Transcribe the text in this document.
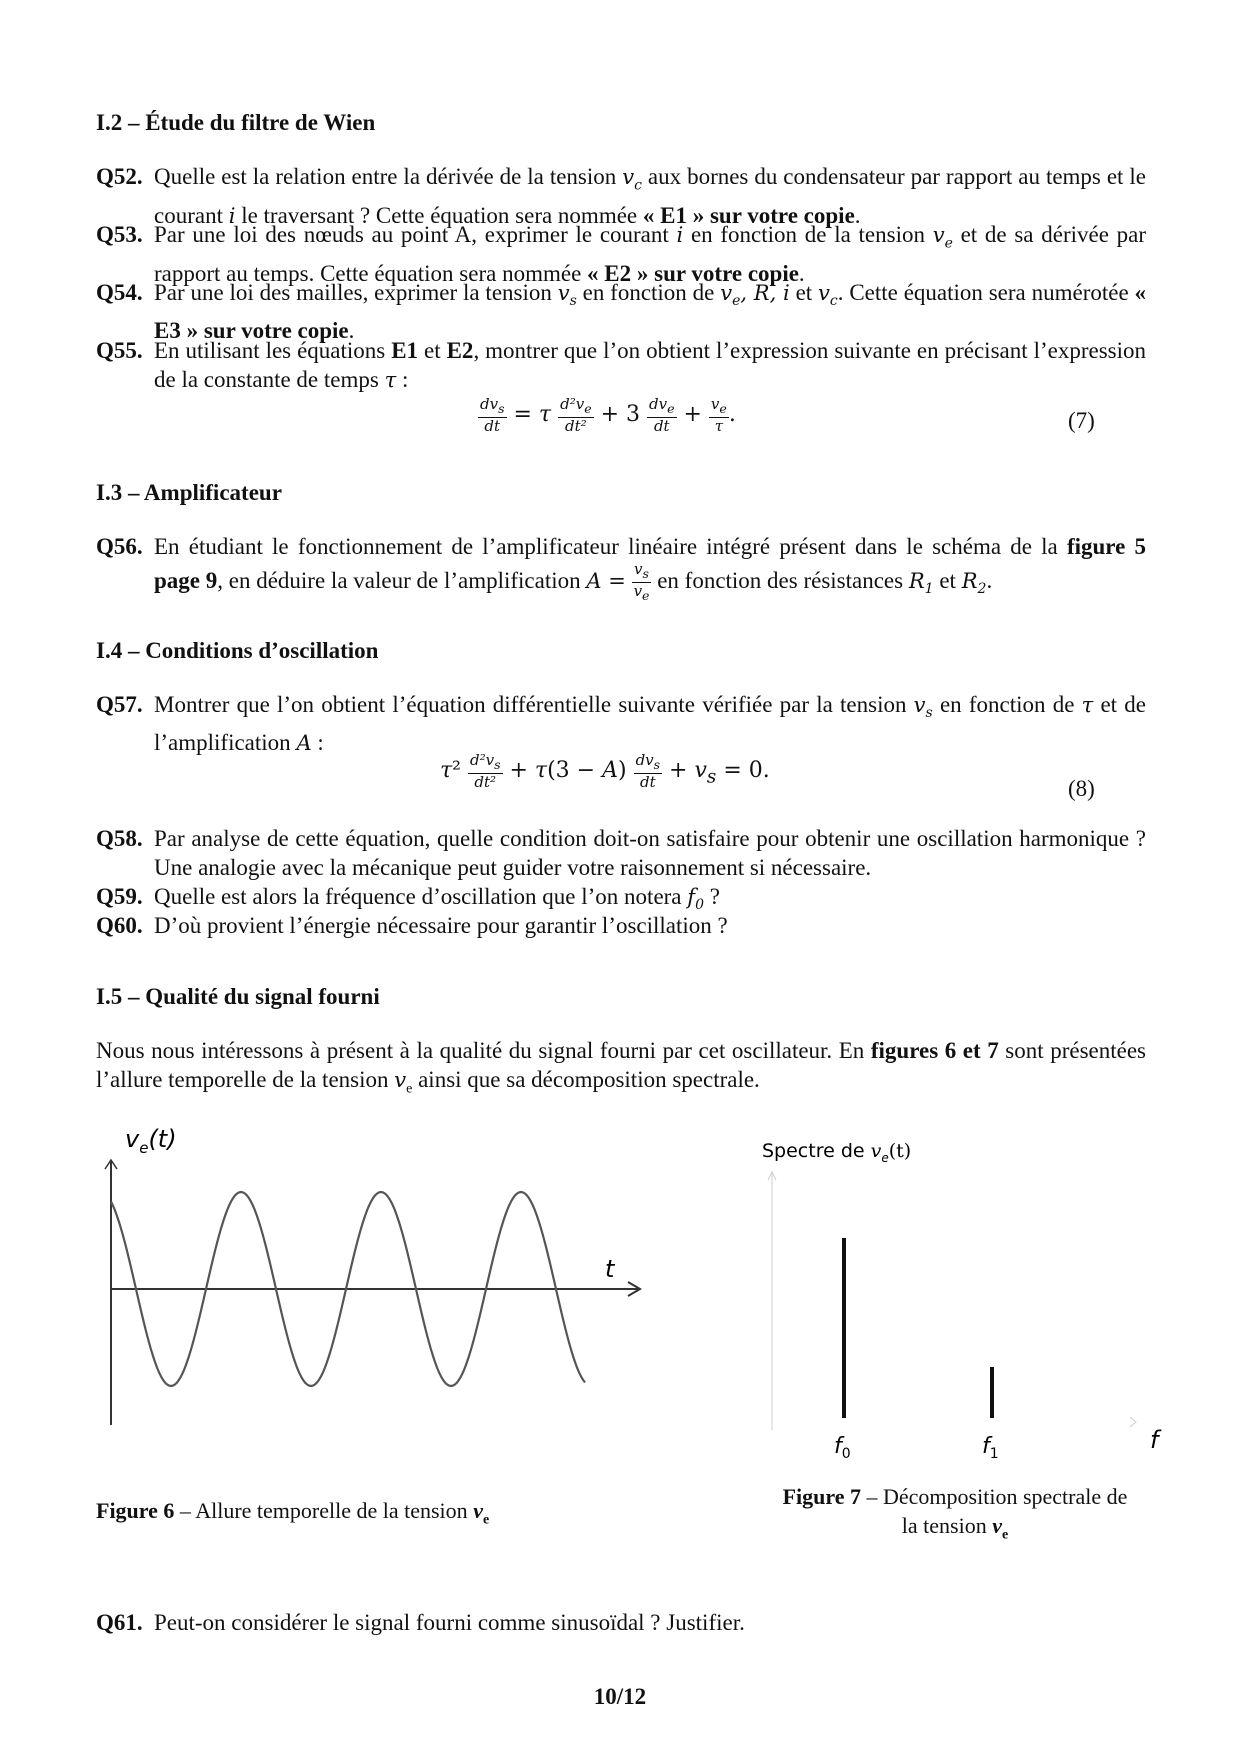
I.2 – Étude du filtre de Wien
Q52. Quelle est la relation entre la dérivée de la tension $v_c$ aux bornes du condensateur par rapport au temps et le courant i le traversant ? Cette équation sera nommée « E1 » sur votre copie.
Q53. Par une loi des nœuds au point A, exprimer le courant i en fonction de la tension $v_e$ et de sa dérivée par rapport au temps. Cette équation sera nommée « E2 » sur votre copie.
Q54. Par une loi des mailles, exprimer la tension $v_s$ en fonction de $v_e$, R, i et $v_c$. Cette équation sera numérotée « E3 » sur votre copie.
Q55. En utilisant les équations E1 et E2, montrer que l’on obtient l’expression suivante en précisant l’expression de la constante de temps τ :
$\frac{dv_s}{dt} = \tau \frac{d^2v_e}{\text{dt²}} + 3 \frac{dv_e}{dt} + \frac{v_e}{\tau}$ .	(7)
I.3 – Amplificateur
Q56. En étudiant le fonctionnement de l’amplificateur linéaire intégré présent dans le schéma de la figure 5 page 9, en déduire la valeur de l’amplification $A = \frac{v_s}{v_e}$ en fonction des résistances $R_1$ et $R_2$.
I.4 – Conditions d’oscillation
Q57. Montrer que l’on obtient l’équation différentielle suivante vérifiée par la tension $v_s$ en fonction de τ et de l’amplification A :
$\tau^2 \frac{d^2v_s}{\text{dt²}} + \tau(3 - A) \frac{dv_s}{dt} + v_s = 0$.
(8)
Q58. Par analyse de cette équation, quelle condition doit-on satisfaire pour obtenir une oscillation harmonique ? Une analogie avec la mécanique peut guider votre raisonnement si nécessaire.
Q59. Quelle est alors la fréquence d’oscillation que l’on notera $f_0$ ?
Q60. D’où provient l’énergie nécessaire pour garantir l’oscillation ?
I.5 – Qualité du signal fourni
Nous nous intéressons à présent à la qualité du signal fourni par cet oscillateur. En figures 6 et 7 sont présentées l’allure temporelle de la tension $v_e$ ainsi que sa décomposition spectrale.
$v_e(t)$
t
Spectre de $v_e(t)$
$f_0$	$f_1$	f
Figure 6 – Allure temporelle de la tension $v_e$
Figure 7 – Décomposition spectrale de
la tension $v_e$
Q61. Peut-on considérer le signal fourni comme sinusoïdal ? Justifier.
10/12
